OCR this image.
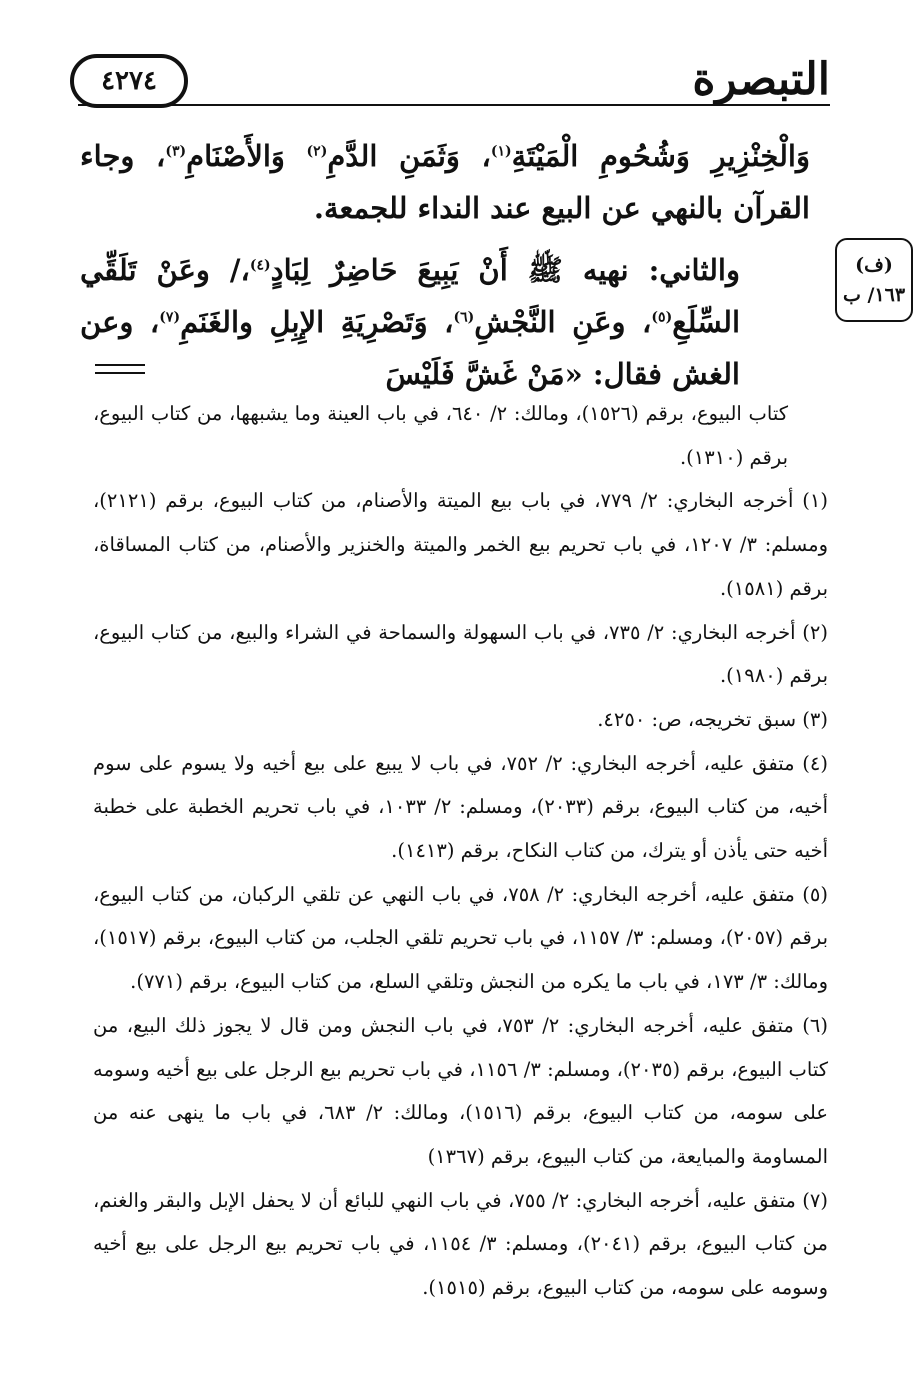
التبصرة
٤٢٧٤

وَالْخِنْزِيرِ وَشُحُومِ الْمَيْتَةِ$^{(١)}$، وَثَمَنِ الدَّمِ$^{(٢)}$ وَالأَصْنَامِ$^{(٣)}$، وجاء القرآن بالنهي عن البيع عند النداء للجمعة.

والثاني: نهيه ﷺ أَنْ يَبِيعَ حَاضِرٌ لِبَادٍ$^{(٤)}$،/ وعَنْ تَلَقِّي السِّلَعِ$^{(٥)}$، وعَنِ النَّجْشِ$^{(٦)}$، وَتَصْرِيَةِ الإِبِلِ والغَنَمِ$^{(٧)}$، وعن الغش فقال: «مَنْ غَشَّ فَلَيْسَ

(ف)
١٦٣/ ب

كتاب البيوع، برقم (١٥٢٦)، ومالك: ٢/ ٦٤٠، في باب العينة وما يشبهها، من كتاب البيوع، برقم (١٣١٠).

(١) أخرجه البخاري: ٢/ ٧٧٩، في باب بيع الميتة والأصنام، من كتاب البيوع، برقم (٢١٢١)، ومسلم: ٣/ ١٢٠٧، في باب تحريم بيع الخمر والميتة والخنزير والأصنام، من كتاب المساقاة، برقم (١٥٨١).

(٢) أخرجه البخاري: ٢/ ٧٣٥، في باب السهولة والسماحة في الشراء والبيع، من كتاب البيوع، برقم (١٩٨٠).

(٣) سبق تخريجه، ص: ٤٢٥٠.

(٤) متفق عليه، أخرجه البخاري: ٢/ ٧٥٢، في باب لا يبيع على بيع أخيه ولا يسوم على سوم أخيه، من كتاب البيوع، برقم (٢٠٣٣)، ومسلم: ٢/ ١٠٣٣، في باب تحريم الخطبة على خطبة أخيه حتى يأذن أو يترك، من كتاب النكاح، برقم (١٤١٣).

(٥) متفق عليه، أخرجه البخاري: ٢/ ٧٥٨، في باب النهي عن تلقي الركبان، من كتاب البيوع، برقم (٢٠٥٧)، ومسلم: ٣/ ١١٥٧، في باب تحريم تلقي الجلب، من كتاب البيوع، برقم (١٥١٧)، ومالك: ٣/ ١٧٣، في باب ما يكره من النجش وتلقي السلع، من كتاب البيوع، برقم (٧٧١).

(٦) متفق عليه، أخرجه البخاري: ٢/ ٧٥٣، في باب النجش ومن قال لا يجوز ذلك البيع، من كتاب البيوع، برقم (٢٠٣٥)، ومسلم: ٣/ ١١٥٦، في باب تحريم بيع الرجل على بيع أخيه وسومه على سومه، من كتاب البيوع، برقم (١٥١٦)، ومالك: ٢/ ٦٨٣، في باب ما ينهى عنه من المساومة والمبايعة، من كتاب البيوع، برقم (١٣٦٧)

(٧) متفق عليه، أخرجه البخاري: ٢/ ٧٥٥، في باب النهي للبائع أن لا يحفل الإبل والبقر والغنم، من كتاب البيوع، برقم (٢٠٤١)، ومسلم: ٣/ ١١٥٤، في باب تحريم بيع الرجل على بيع أخيه وسومه على سومه، من كتاب البيوع، برقم (١٥١٥).
